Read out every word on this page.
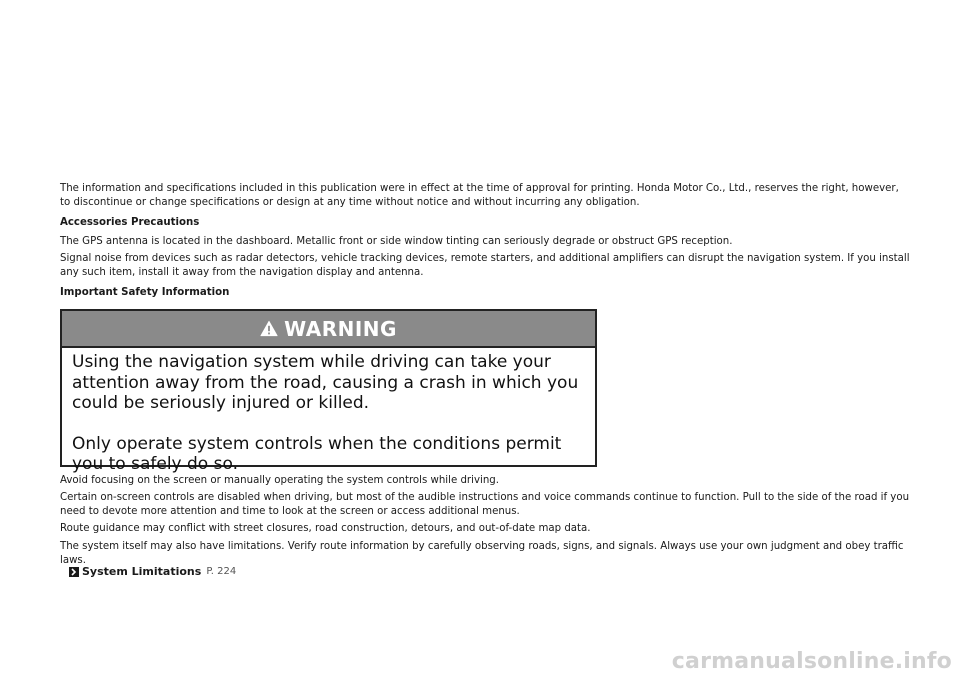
The information and specifications included in this publication were in effect at the time of approval for printing. Honda Motor Co., Ltd., reserves the right, however, to discontinue or change specifications or design at any time without notice and without incurring any obligation.

Accessories Precautions

The GPS antenna is located in the dashboard. Metallic front or side window tinting can seriously degrade or obstruct GPS reception.

Signal noise from devices such as radar detectors, vehicle tracking devices, remote starters, and additional amplifiers can disrupt the navigation system. If you install any such item, install it away from the navigation display and antenna.

Important Safety Information

WARNING

Using the navigation system while driving can take your attention away from the road, causing a crash in which you could be seriously injured or killed.

Only operate system controls when the conditions permit you to safely do so.

Avoid focusing on the screen or manually operating the system controls while driving.

Certain on-screen controls are disabled when driving, but most of the audible instructions and voice commands continue to function. Pull to the side of the road if you need to devote more attention and time to look at the screen or access additional menus.

Route guidance may conflict with street closures, road construction, detours, and out-of-date map data.

The system itself may also have limitations. Verify route information by carefully observing roads, signs, and signals. Always use your own judgment and obey traffic laws.

System Limitations P. 224
carmanualsonline.info
